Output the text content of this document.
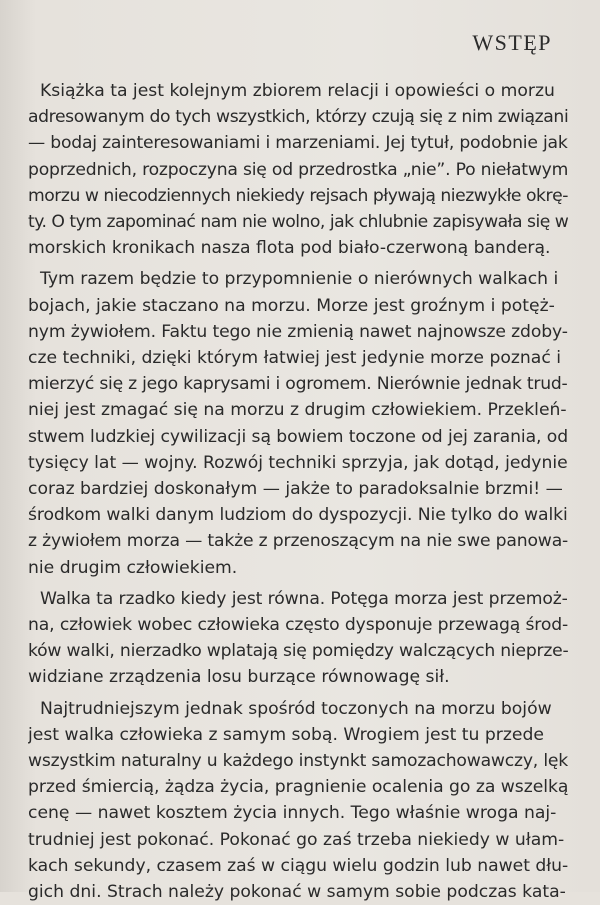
WSTĘP
Książka ta jest kolejnym zbiorem relacji i opowieści o morzu
adresowanym do tych wszystkich, którzy czują się z nim związani
— bodaj zainteresowaniami i marzeniami. Jej tytuł, podobnie jak
poprzednich, rozpoczyna się od przedrostka „nie”. Po niełatwym
morzu w niecodziennych niekiedy rejsach pływają niezwykłe okrę-
ty. O tym zapominać nam nie wolno, jak chlubnie zapisywała się w
morskich kronikach nasza flota pod biało-czerwoną banderą.
Tym razem będzie to przypomnienie o nierównych walkach i
bojach, jakie staczano na morzu. Morze jest groźnym i potęż-
nym żywiołem. Faktu tego nie zmienią nawet najnowsze zdoby-
cze techniki, dzięki którym łatwiej jest jedynie morze poznać i
mierzyć się z jego kaprysami i ogromem. Nierównie jednak trud-
niej jest zmagać się na morzu z drugim człowiekiem. Przekleń-
stwem ludzkiej cywilizacji są bowiem toczone od jej zarania, od
tysięcy lat — wojny. Rozwój techniki sprzyja, jak dotąd, jedynie
coraz bardziej doskonałym — jakże to paradoksalnie brzmi! —
środkom walki danym ludziom do dyspozycji. Nie tylko do walki
z żywiołem morza — także z przenoszącym na nie swe panowa-
nie drugim człowiekiem.
Walka ta rzadko kiedy jest równa. Potęga morza jest przemoż-
na, człowiek wobec człowieka często dysponuje przewagą środ-
ków walki, nierzadko wplatają się pomiędzy walczących nieprze-
widziane zrządzenia losu burzące równowagę sił.
Najtrudniejszym jednak spośród toczonych na morzu bojów
jest walka człowieka z samym sobą. Wrogiem jest tu przede
wszystkim naturalny u każdego instynkt samozachowawczy, lęk
przed śmiercią, żądza życia, pragnienie ocalenia go za wszelką
cenę — nawet kosztem życia innych. Tego właśnie wroga naj-
trudniej jest pokonać. Pokonać go zaś trzeba niekiedy w ułam-
kach sekundy, czasem zaś w ciągu wielu godzin lub nawet dłu-
gich dni. Strach należy pokonać w samym sobie podczas kata-
